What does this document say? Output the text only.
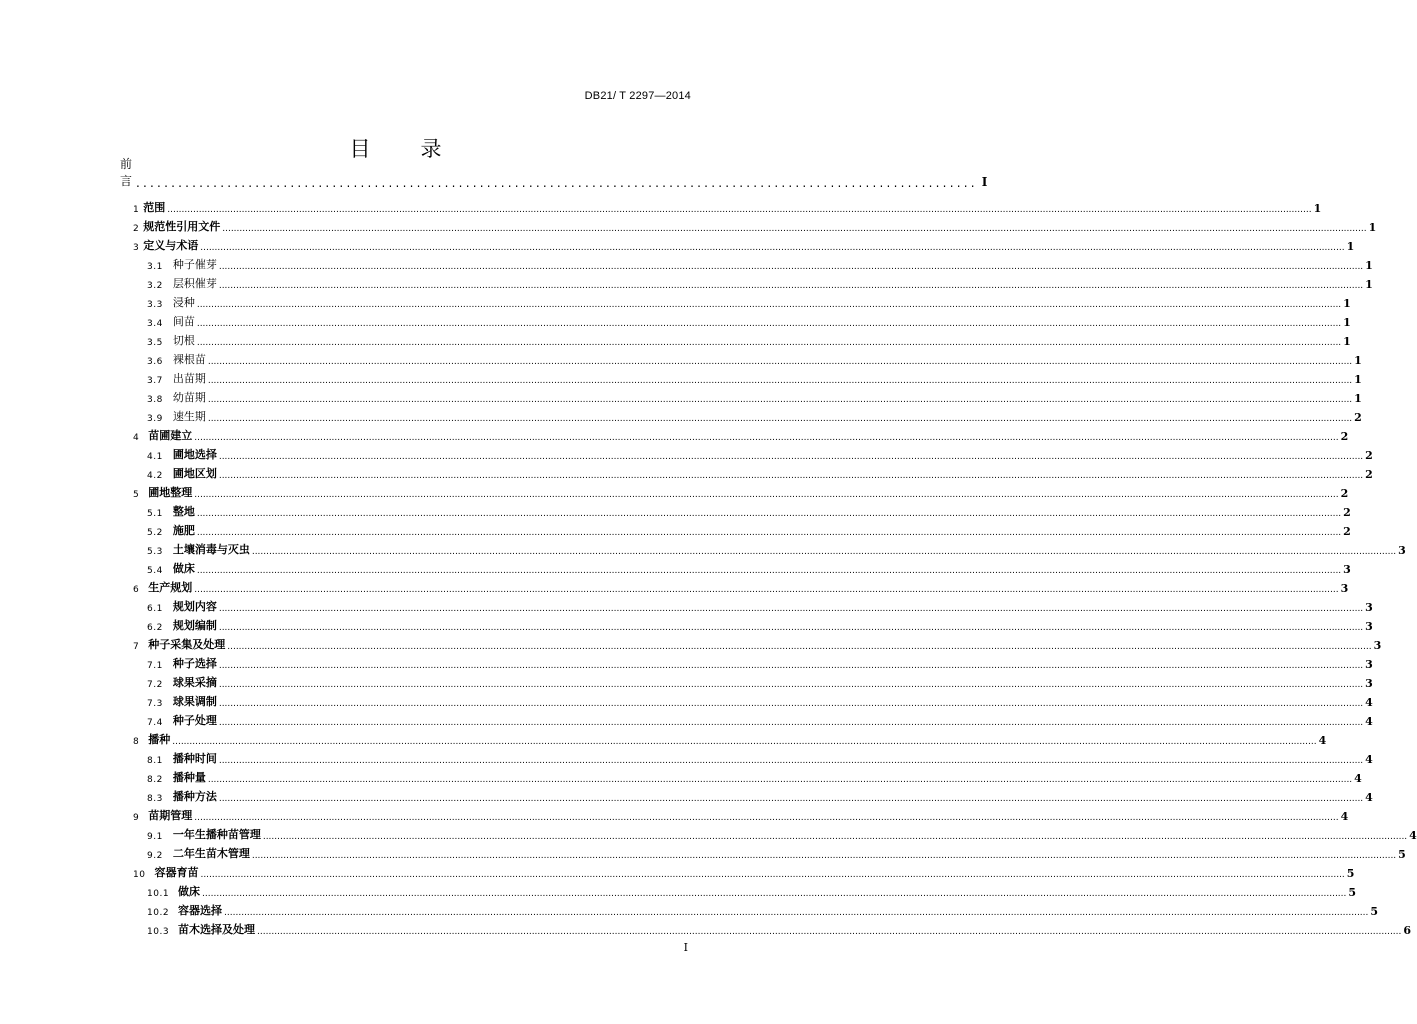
DB21/ T 2297—2014
目录
前言 ........................................................................................................................ I
1 范围 ................................................................................................................................................................................................................................................................................................................................................................................................................ 1
2 规范性引用文件 ................................................................................................................................................................................................................................................................................................................................................................................................................ 1
3 定义与术语 ................................................................................................................................................................................................................................................................................................................................................................................................................ 1
3.1 种子催芽 ................................................................................................................................................................................................................................................................................................................................................................................................................ 1
3.2 层积催芽 ................................................................................................................................................................................................................................................................................................................................................................................................................ 1
3.3 浸种 ................................................................................................................................................................................................................................................................................................................................................................................................................ 1
3.4 间苗 ................................................................................................................................................................................................................................................................................................................................................................................................................ 1
3.5 切根 ................................................................................................................................................................................................................................................................................................................................................................................................................ 1
3.6 裸根苗 ................................................................................................................................................................................................................................................................................................................................................................................................................ 1
3.7 出苗期 ................................................................................................................................................................................................................................................................................................................................................................................................................ 1
3.8 幼苗期 ................................................................................................................................................................................................................................................................................................................................................................................................................ 1
3.9 速生期 ................................................................................................................................................................................................................................................................................................................................................................................................................ 2
4 苗圃建立 ................................................................................................................................................................................................................................................................................................................................................................................................................ 2
4.1 圃地选择 ................................................................................................................................................................................................................................................................................................................................................................................................................ 2
4.2 圃地区划 ................................................................................................................................................................................................................................................................................................................................................................................................................ 2
5 圃地整理 ................................................................................................................................................................................................................................................................................................................................................................................................................ 2
5.1 整地 ................................................................................................................................................................................................................................................................................................................................................................................................................ 2
5.2 施肥 ................................................................................................................................................................................................................................................................................................................................................................................................................ 2
5.3 土壤消毒与灭虫 ................................................................................................................................................................................................................................................................................................................................................................................................................ 3
5.4 做床 ................................................................................................................................................................................................................................................................................................................................................................................................................ 3
6 生产规划 ................................................................................................................................................................................................................................................................................................................................................................................................................ 3
6.1 规划内容 ................................................................................................................................................................................................................................................................................................................................................................................................................ 3
6.2 规划编制 ................................................................................................................................................................................................................................................................................................................................................................................................................ 3
7 种子采集及处理 ................................................................................................................................................................................................................................................................................................................................................................................................................ 3
7.1 种子选择 ................................................................................................................................................................................................................................................................................................................................................................................................................ 3
7.2 球果采摘 ................................................................................................................................................................................................................................................................................................................................................................................................................ 3
7.3 球果调制 ................................................................................................................................................................................................................................................................................................................................................................................................................ 4
7.4 种子处理 ................................................................................................................................................................................................................................................................................................................................................................................................................ 4
8 播种 ................................................................................................................................................................................................................................................................................................................................................................................................................ 4
8.1 播种时间 ................................................................................................................................................................................................................................................................................................................................................................................................................ 4
8.2 播种量 ................................................................................................................................................................................................................................................................................................................................................................................................................ 4
8.3 播种方法 ................................................................................................................................................................................................................................................................................................................................................................................................................ 4
9 苗期管理 ................................................................................................................................................................................................................................................................................................................................................................................................................ 4
9.1 一年生播种苗管理 ................................................................................................................................................................................................................................................................................................................................................................................................................ 4
9.2 二年生苗木管理 ................................................................................................................................................................................................................................................................................................................................................................................................................ 5
10 容器育苗 ................................................................................................................................................................................................................................................................................................................................................................................................................ 5
10.1 做床 ................................................................................................................................................................................................................................................................................................................................................................................................................ 5
10.2 容器选择 ................................................................................................................................................................................................................................................................................................................................................................................................................ 5
10.3 苗木选择及处理 ................................................................................................................................................................................................................................................................................................................................................................................................................ 6
I
